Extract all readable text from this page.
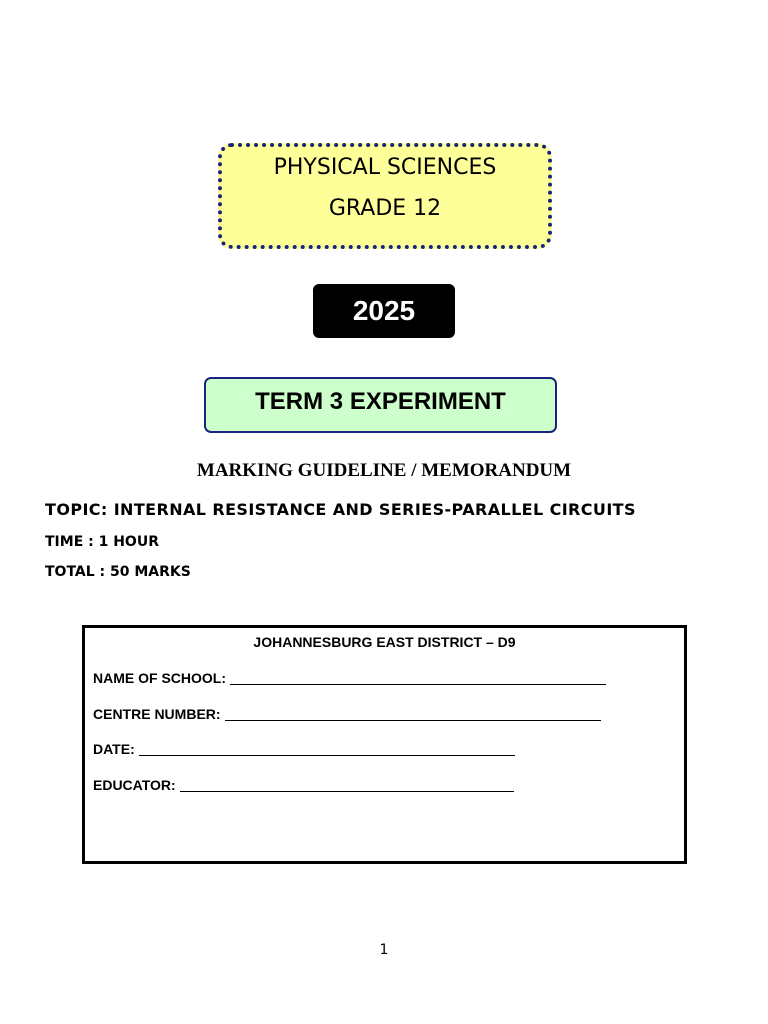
PHYSICAL SCIENCES
GRADE 12
2025
TERM 3 EXPERIMENT
MARKING GUIDELINE / MEMORANDUM
TOPIC: INTERNAL RESISTANCE AND SERIES-PARALLEL CIRCUITS
TIME : 1 HOUR
TOTAL : 50 MARKS
JOHANNESBURG EAST DISTRICT – D9
NAME OF SCHOOL:
CENTRE NUMBER:
DATE:
EDUCATOR:
1
